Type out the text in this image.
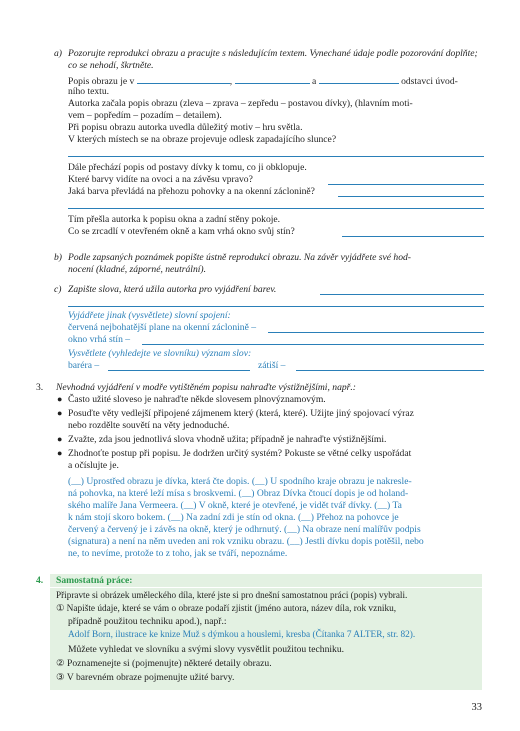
a) Pozorujte reprodukci obrazu a pracujte s následujícím textem. Vynechané údaje podle pozorování doplňte; co se nehodí, škrtněte.
Popis obrazu je v	,	a	odstavci úvod-
ního textu.
Autorka začala popis obrazu (zleva – zprava – zepředu – postavou dívky), (hlavním moti-
vem – popředím – pozadím – detailem).
Při popisu obrazu autorka uvedla důležitý motiv – hru světla.
V kterých místech se na obraze projevuje odlesk zapadajícího slunce?
Dále přechází popis od postavy dívky k tomu, co ji obklopuje.
Které barvy vidíte na ovoci a na závěsu vpravo?
Jaká barva převládá na přehozu pohovky a na okenní záclonině?
Tím přešla autorka k popisu okna a zadní stěny pokoje.
Co se zrcadlí v otevřeném okně a kam vrhá okno svůj stín?
b) Podle zapsaných poznámek popište ústně reprodukci obrazu. Na závěr vyjádřete své hod-
nocení (kladné, záporné, neutrální).
c) Zapište slova, která užila autorka pro vyjádření barev.
Vyjádřete jinak (vysvětlete) slovní spojení:
červená nejbohatější plane na okenní záclonině –
okno vrhá stín –
Vysvětlete (vyhledejte ve slovníku) význam slov:
baréra –	zátiší –
3. Nevhodná vyjádření v modře vytištěném popisu nahraďte výstižnějšími, např.:
● Často užité sloveso je nahraďte někde slovesem plnovýznamovým.
● Posuďte věty vedlejší připojené zájmenem který (která, které). Užijte jiný spojovací výraz
nebo rozdělte souvětí na věty jednoduché.
● Zvažte, zda jsou jednotlivá slova vhodně užita; případně je nahraďte výstižnějšími.
● Zhodnoťte postup při popisu. Je dodržen určitý systém? Pokuste se větné celky uspořádat
a očíslujte je.
(__) Uprostřed obrazu je dívka, která čte dopis. (__) U spodního kraje obrazu je nakresle-
ná pohovka, na které leží mísa s broskvemi. (__) Obraz Dívka čtoucí dopis je od holand-
ského malíře Jana Vermeera. (__) V okně, které je otevřené, je vidět tvář dívky. (__) Ta
k nám stojí skoro bokem. (__) Na zadní zdi je stín od okna. (__) Přehoz na pohovce je
červený a červený je i závěs na okně, který je odhrnutý. (__) Na obraze není malířův podpis
(signatura) a není na něm uveden ani rok vzniku obrazu. (__) Jestli dívku dopis potěšil, nebo
ne, to nevíme, protože to z toho, jak se tváří, nepoznáme.
4. Samostatná práce:
Připravte si obrázek uměleckého díla, které jste si pro dnešní samostatnou práci (popis) vybrali.
① Napište údaje, které se vám o obraze podaří zjistit (jméno autora, název díla, rok vzniku,
případně použitou techniku apod.), např.:
Adolf Born, ilustrace ke knize Muž s dýmkou a houslemi, kresba (Čítanka 7 ALTER, str. 82).
Můžete vyhledat ve slovníku a svými slovy vysvětlit použitou techniku.
② Poznamenejte si (pojmenujte) některé detaily obrazu.
③ V barevném obraze pojmenujte užité barvy.
33
